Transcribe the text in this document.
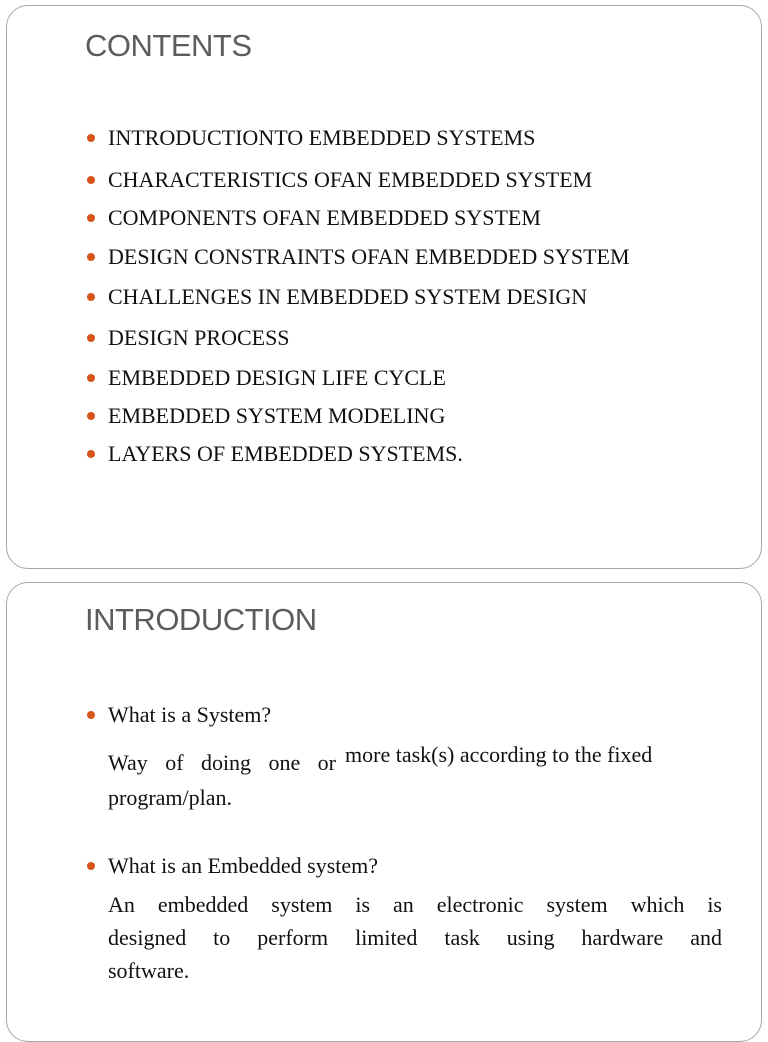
CONTENTS
INTRODUCTIONTO EMBEDDED SYSTEMS
CHARACTERISTICS OFAN EMBEDDED SYSTEM
COMPONENTS OFAN EMBEDDED SYSTEM
DESIGN CONSTRAINTS OFAN EMBEDDED SYSTEM
CHALLENGES IN EMBEDDED SYSTEM DESIGN
DESIGN PROCESS
EMBEDDED DESIGN LIFE CYCLE
EMBEDDED SYSTEM MODELING
LAYERS OF EMBEDDED SYSTEMS.
INTRODUCTION
What is a System?
Way of doing one or more task(s) according to the fixed
program/plan.
What is an Embedded system?
An embedded system is an electronic system which is
designed to perform limited task using hardware and
software.
